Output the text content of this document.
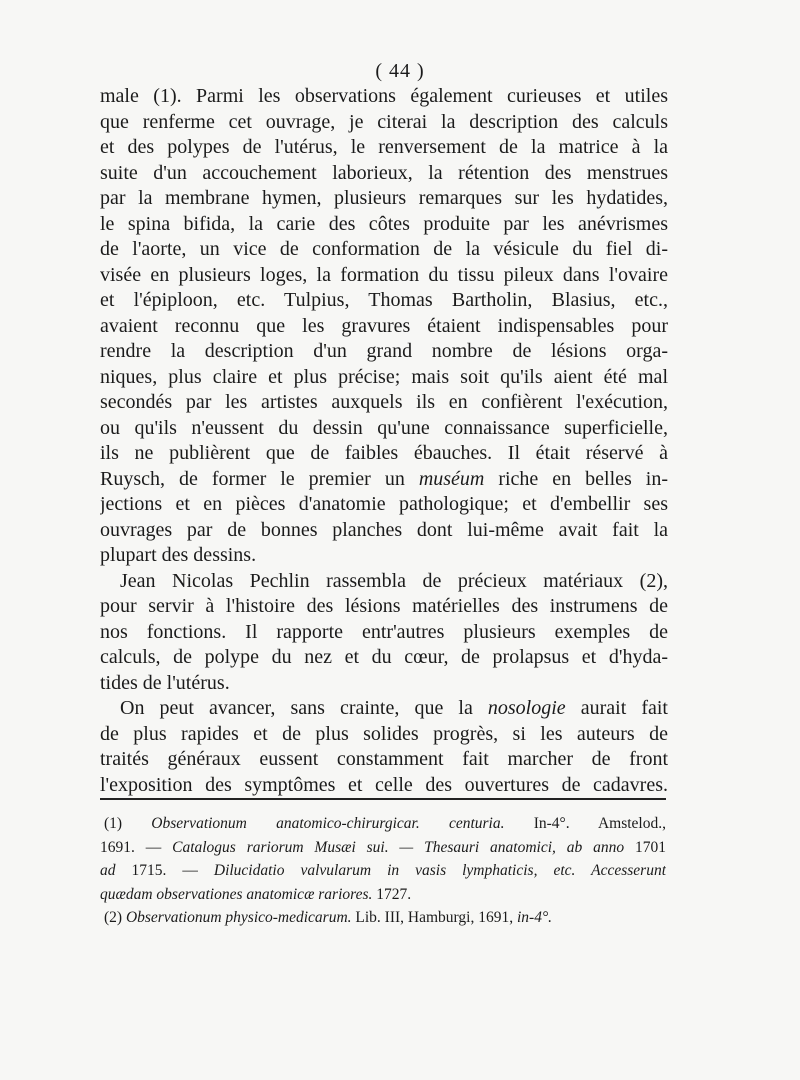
( 44 )
male (1). Parmi les observations également curieuses et utiles
que renferme cet ouvrage, je citerai la description des calculs
et des polypes de l'utérus, le renversement de la matrice à la
suite d'un accouchement laborieux, la rétention des menstrues
par la membrane hymen, plusieurs remarques sur les hydatides,
le spina bifida, la carie des côtes produite par les anévrismes
de l'aorte, un vice de conformation de la vésicule du fiel di-
visée en plusieurs loges, la formation du tissu pileux dans l'ovaire
et l'épiploon, etc. Tulpius, Thomas Bartholin, Blasius, etc.,
avaient reconnu que les gravures étaient indispensables pour
rendre la description d'un grand nombre de lésions orga-
niques, plus claire et plus précise; mais soit qu'ils aient été mal
secondés par les artistes auxquels ils en confièrent l'exécution,
ou qu'ils n'eussent du dessin qu'une connaissance superficielle,
ils ne publièrent que de faibles ébauches. Il était réservé à
Ruysch, de former le premier un muséum riche en belles in-
jections et en pièces d'anatomie pathologique; et d'embellir ses
ouvrages par de bonnes planches dont lui-même avait fait la
plupart des dessins.
Jean Nicolas Pechlin rassembla de précieux matériaux (2),
pour servir à l'histoire des lésions matérielles des instrumens de
nos fonctions. Il rapporte entr'autres plusieurs exemples de
calculs, de polype du nez et du cœur, de prolapsus et d'hyda-
tides de l'utérus.
On peut avancer, sans crainte, que la nosologie aurait fait
de plus rapides et de plus solides progrès, si les auteurs de
traités généraux eussent constamment fait marcher de front
l'exposition des symptômes et celle des ouvertures de cadavres.
(1) Observationum anatomico-chirurgicar. centuria. In-4°. Amstelod.,
1691. — Catalogus rariorum Musæi sui. — Thesauri anatomici, ab anno 1701
ad 1715. — Dilucidatio valvularum in vasis lymphaticis, etc. Accesserunt
quædam observationes anatomicæ rariores. 1727.
(2) Observationum physico-medicarum. Lib. III, Hamburgi, 1691, in-4°.
